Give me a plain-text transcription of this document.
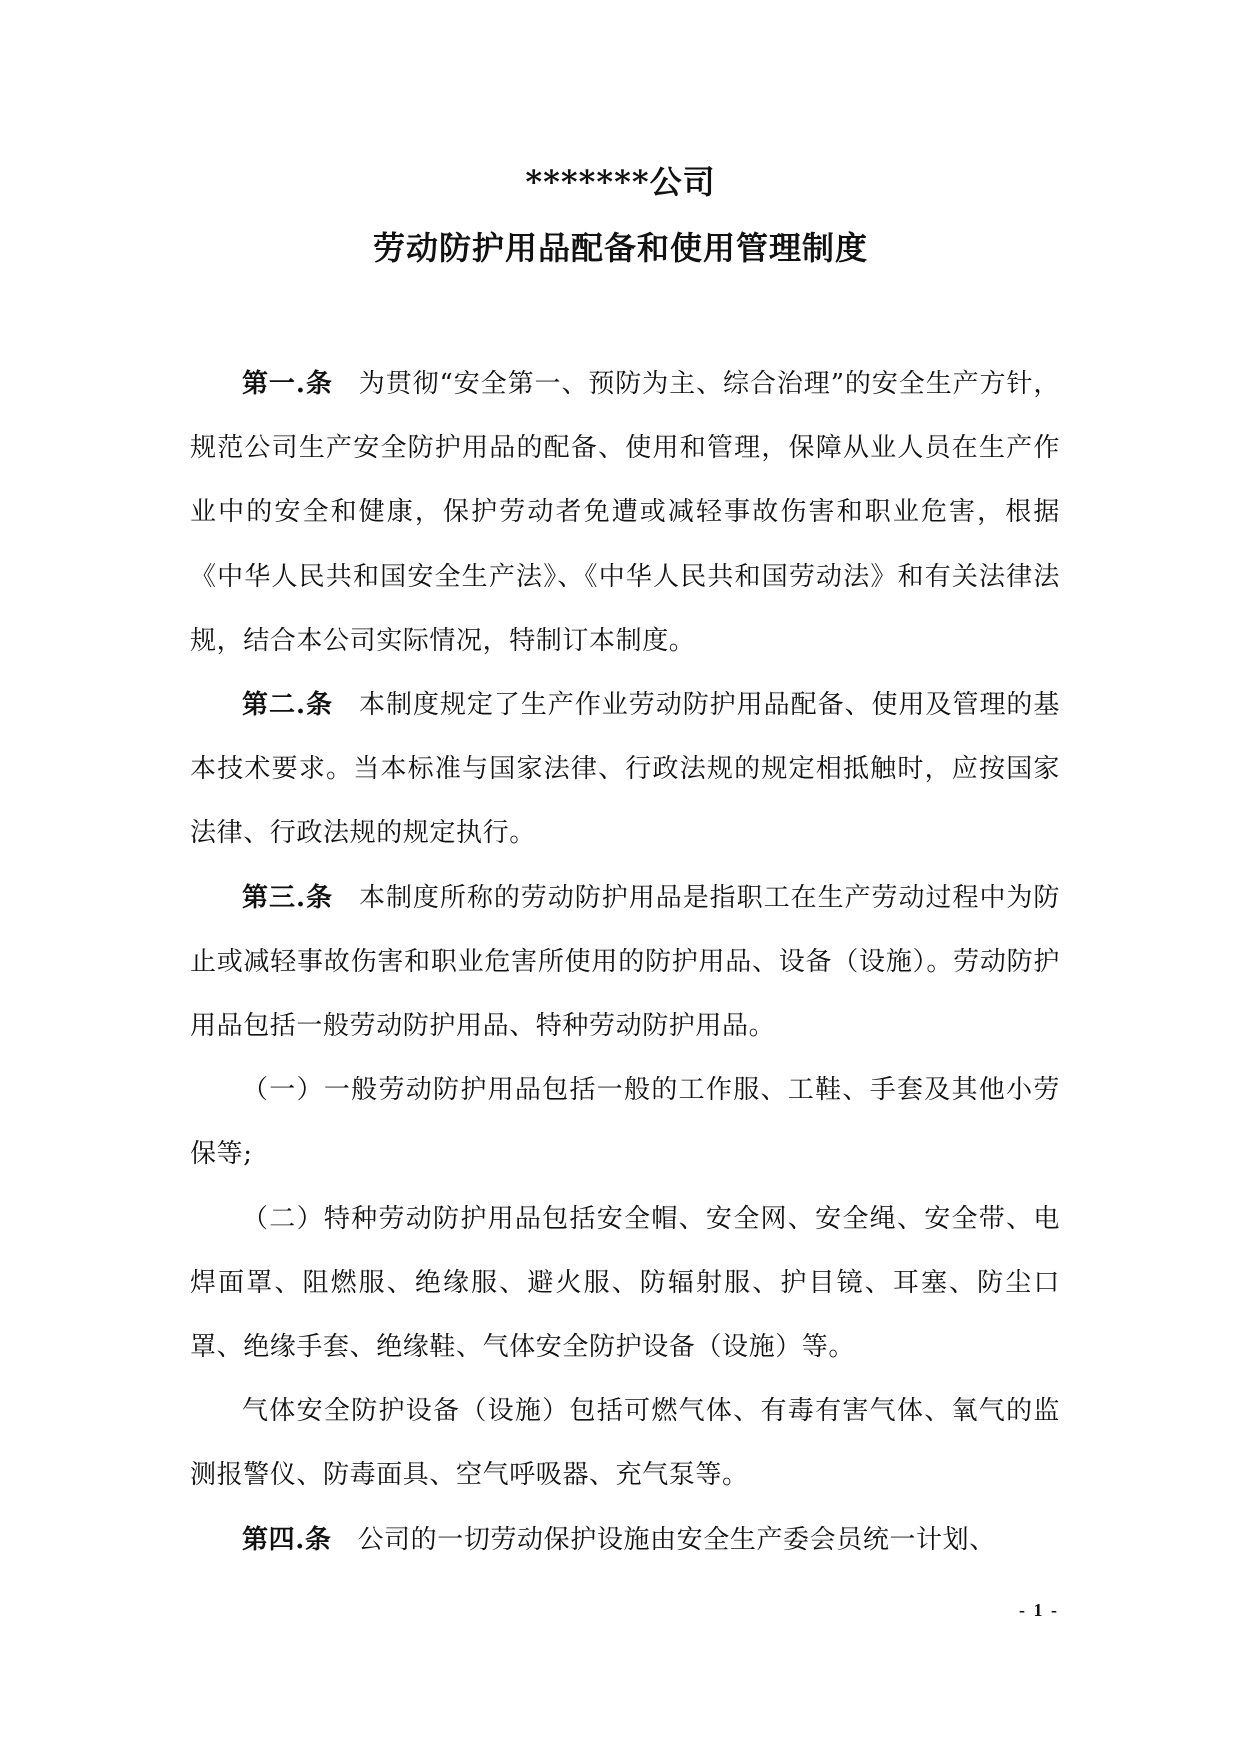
*******公司
劳动防护用品配备和使用管理制度

第一.条 为贯彻“安全第一、预防为主、综合治理”的安全生产方针，规范公司生产安全防护用品的配备、使用和管理，保障从业人员在生产作业中的安全和健康，保护劳动者免遭或减轻事故伤害和职业危害，根据《中华人民共和国安全生产法》、《中华人民共和国劳动法》和有关法律法规，结合本公司实际情况，特制订本制度。

第二.条 本制度规定了生产作业劳动防护用品配备、使用及管理的基本技术要求。当本标准与国家法律、行政法规的规定相抵触时，应按国家法律、行政法规的规定执行。

第三.条 本制度所称的劳动防护用品是指职工在生产劳动过程中为防止或减轻事故伤害和职业危害所使用的防护用品、设备（设施）。劳动防护用品包括一般劳动防护用品、特种劳动防护用品。

（一）一般劳动防护用品包括一般的工作服、工鞋、手套及其他小劳保等;

（二）特种劳动防护用品包括安全帽、安全网、安全绳、安全带、电焊面罩、阻燃服、绝缘服、避火服、防辐射服、护目镜、耳塞、防尘口罩、绝缘手套、绝缘鞋、气体安全防护设备（设施）等。

气体安全防护设备（设施）包括可燃气体、有毒有害气体、氧气的监测报警仪、防毒面具、空气呼吸器、充气泵等。

第四.条 公司的一切劳动保护设施由安全生产委会员统一计划、

- 1 -
